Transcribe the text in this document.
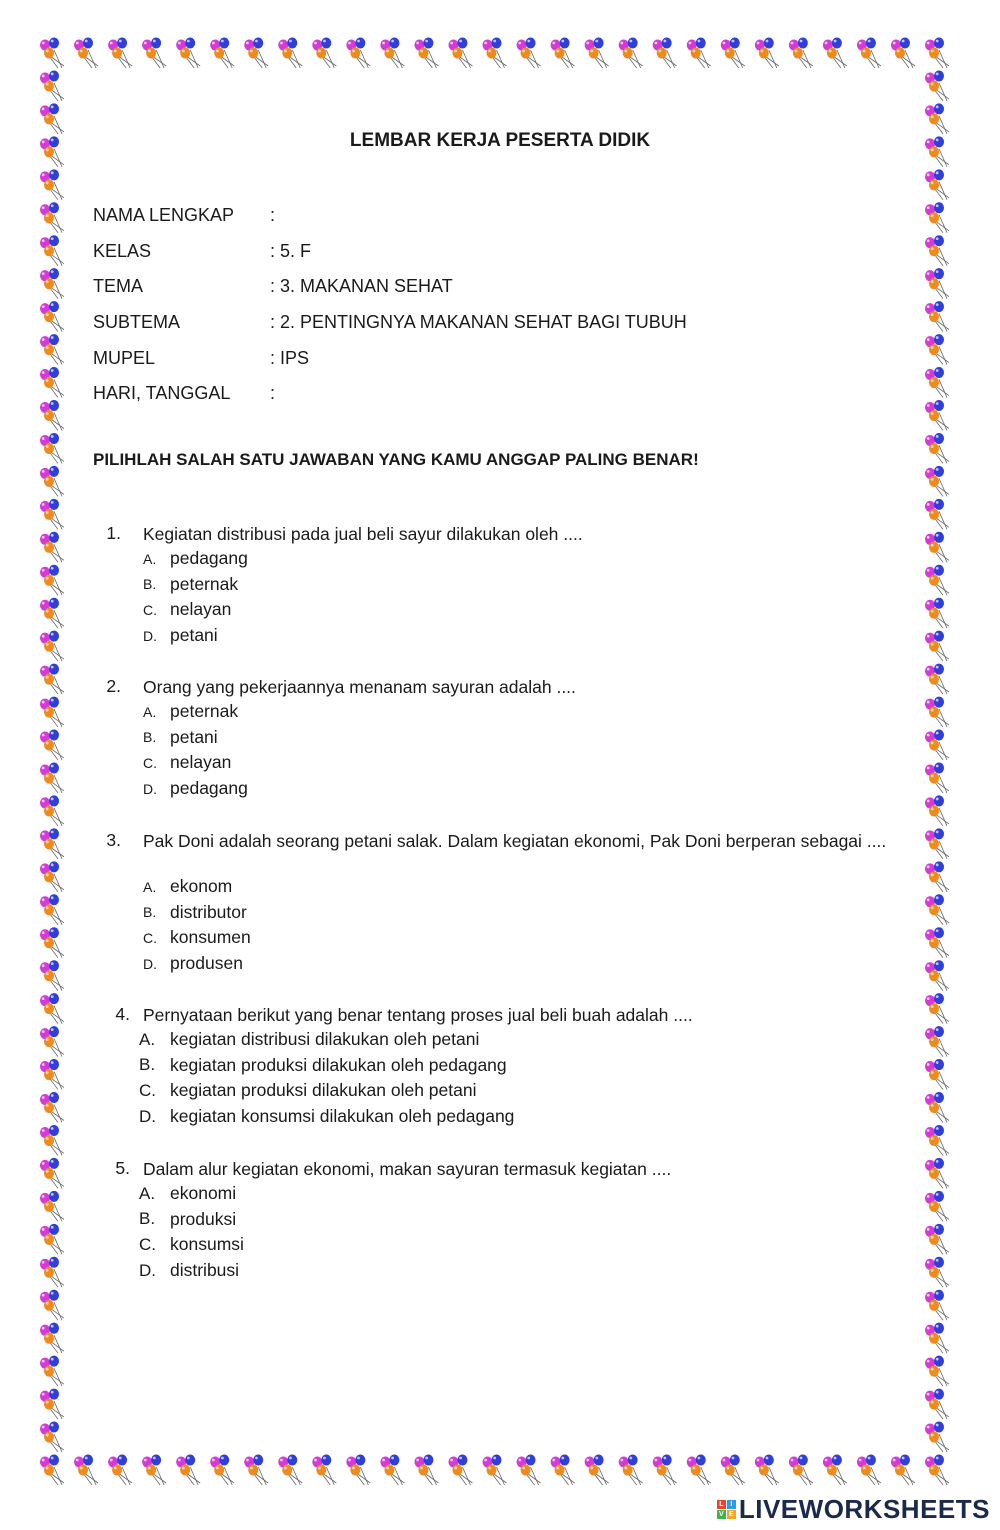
LEMBAR KERJA PESERTA DIDIK
NAMA LENGKAP	:
KELAS	: 5. F
TEMA	: 3. MAKANAN SEHAT
SUBTEMA	: 2. PENTINGNYA MAKANAN SEHAT BAGI TUBUH
MUPEL	: IPS
HARI, TANGGAL	:
PILIHLAH SALAH SATU JAWABAN YANG KAMU ANGGAP PALING BENAR!
1. Kegiatan distribusi pada jual beli sayur dilakukan oleh ....
A. pedagang
B. peternak
C. nelayan
D. petani
2. Orang yang pekerjaannya menanam sayuran adalah ....
A. peternak
B. petani
C. nelayan
D. pedagang
3. Pak Doni adalah seorang petani salak. Dalam kegiatan ekonomi, Pak Doni berperan sebagai ....
A. ekonom
B. distributor
C. konsumen
D. produsen
4. Pernyataan berikut yang benar tentang proses jual beli buah adalah ....
A. kegiatan distribusi dilakukan oleh petani
B. kegiatan produksi dilakukan oleh pedagang
C. kegiatan produksi dilakukan oleh petani
D. kegiatan konsumsi dilakukan oleh pedagang
5. Dalam alur kegiatan ekonomi, makan sayuran termasuk kegiatan ....
A. ekonomi
B. produksi
C. konsumsi
D. distribusi
L I
V E LIVEWORKSHEETS
